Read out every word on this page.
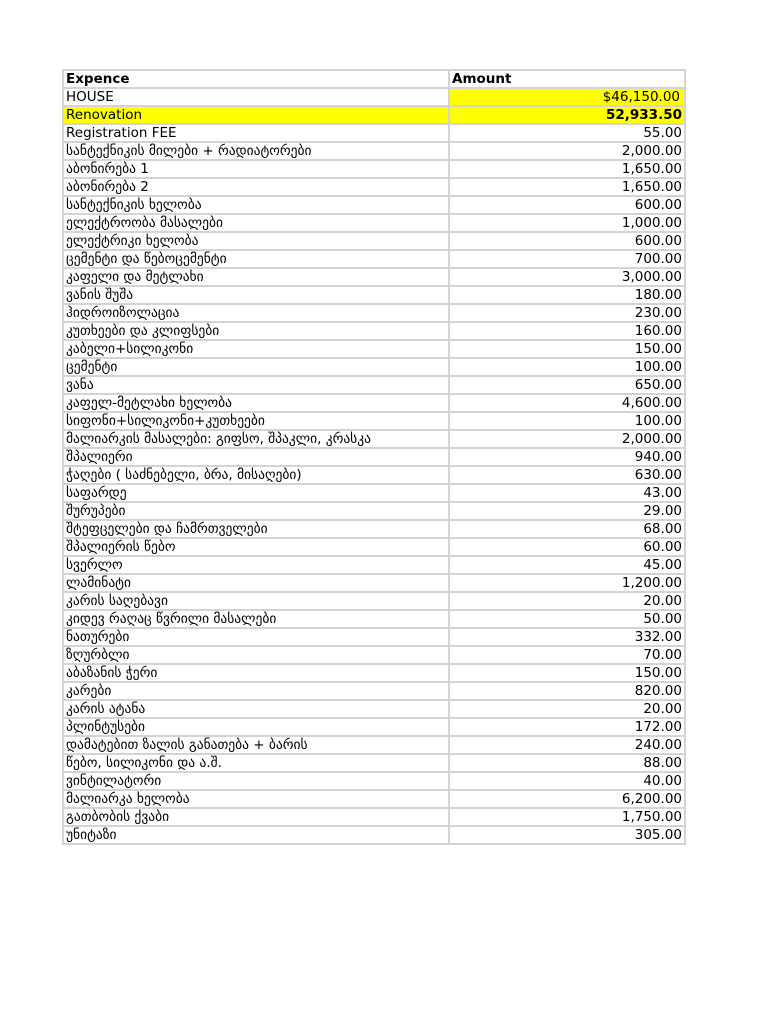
Expence	Amount
HOUSE	$46,150.00
Renovation	52,933.50
Registration FEE	55.00
სანტექნიკის მილები + რადიატორები	2,000.00
აბონირება 1	1,650.00
აბონირება 2	1,650.00
სანტექნიკის ხელობა	600.00
ელექტროობა მასალები	1,000.00
ელექტრიკი ხელობა	600.00
ცემენტი და წებოცემენტი	700.00
კაფელი და მეტლახი	3,000.00
ვანის შუშა	180.00
ჰიდროიზოლაცია	230.00
კუთხეები და კლიფსები	160.00
კაბელი+სილიკონი	150.00
ცემენტი	100.00
ვანა	650.00
კაფელ-მეტლახი ხელობა	4,600.00
სიფონი+სილიკონი+კუთხეები	100.00
მალიარკის მასალები: გიფსო, შპაკლი, კრასკა	2,000.00
შპალიერი	940.00
ჭაღები ( საძნებელი, ბრა, მისაღები)	630.00
საფარდე	43.00
შურუპები	29.00
შტეფცელები და ჩამრთველები	68.00
შპალიერის წებო	60.00
სვერლო	45.00
ლამინატი	1,200.00
კარის საღებავი	20.00
კიდევ რაღაც წვრილი მასალები	50.00
ნათურები	332.00
ზღურბლი	70.00
აბაზანის ჭერი	150.00
კარები	820.00
კარის ატანა	20.00
პლინტუსები	172.00
დამატებით ზალის განათება + ბარის	240.00
წებო, სილიკონი და ა.შ.	88.00
ვინტილატორი	40.00
მალიარკა ხელობა	6,200.00
გათბობის ქვაბი	1,750.00
უნიტაზი	305.00
